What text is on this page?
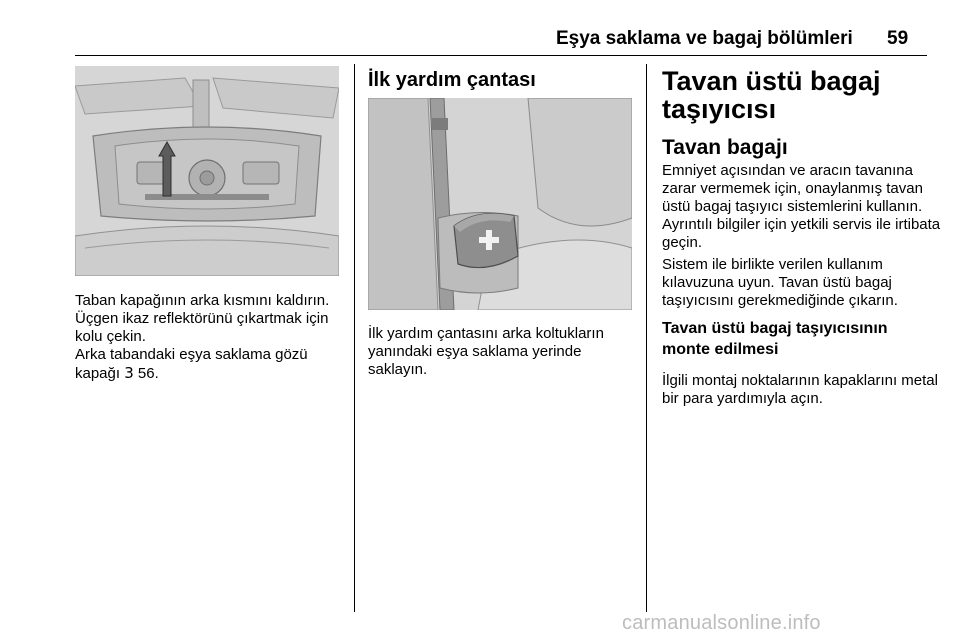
Eşya saklama ve bagaj bölümleri 59

Taban kapağının arka kısmını kaldırın. Üçgen ikaz reflektörünü çıkartmak için kolu çekin.

Arka tabandaki eşya saklama gözü kapağı 3 56.

İlk yardım çantası

İlk yardım çantasını arka koltukların yanındaki eşya saklama yerinde saklayın.

Tavan üstü bagaj
taşıyıcısı
Tavan bagajı

Emniyet açısından ve aracın tavanına zarar vermemek için, onaylanmış tavan üstü bagaj taşıyıcı sistemlerini kullanın. Ayrıntılı bilgiler için yetkili servis ile irtibata geçin.

Sistem ile birlikte verilen kullanım kılavuzuna uyun. Tavan üstü bagaj taşıyıcısını gerekmediğinde çıkarın.

Tavan üstü bagaj taşıyıcısının
monte edilmesi

İlgili montaj noktalarının kapaklarını metal bir para yardımıyla açın.

carmanualsonline.info
